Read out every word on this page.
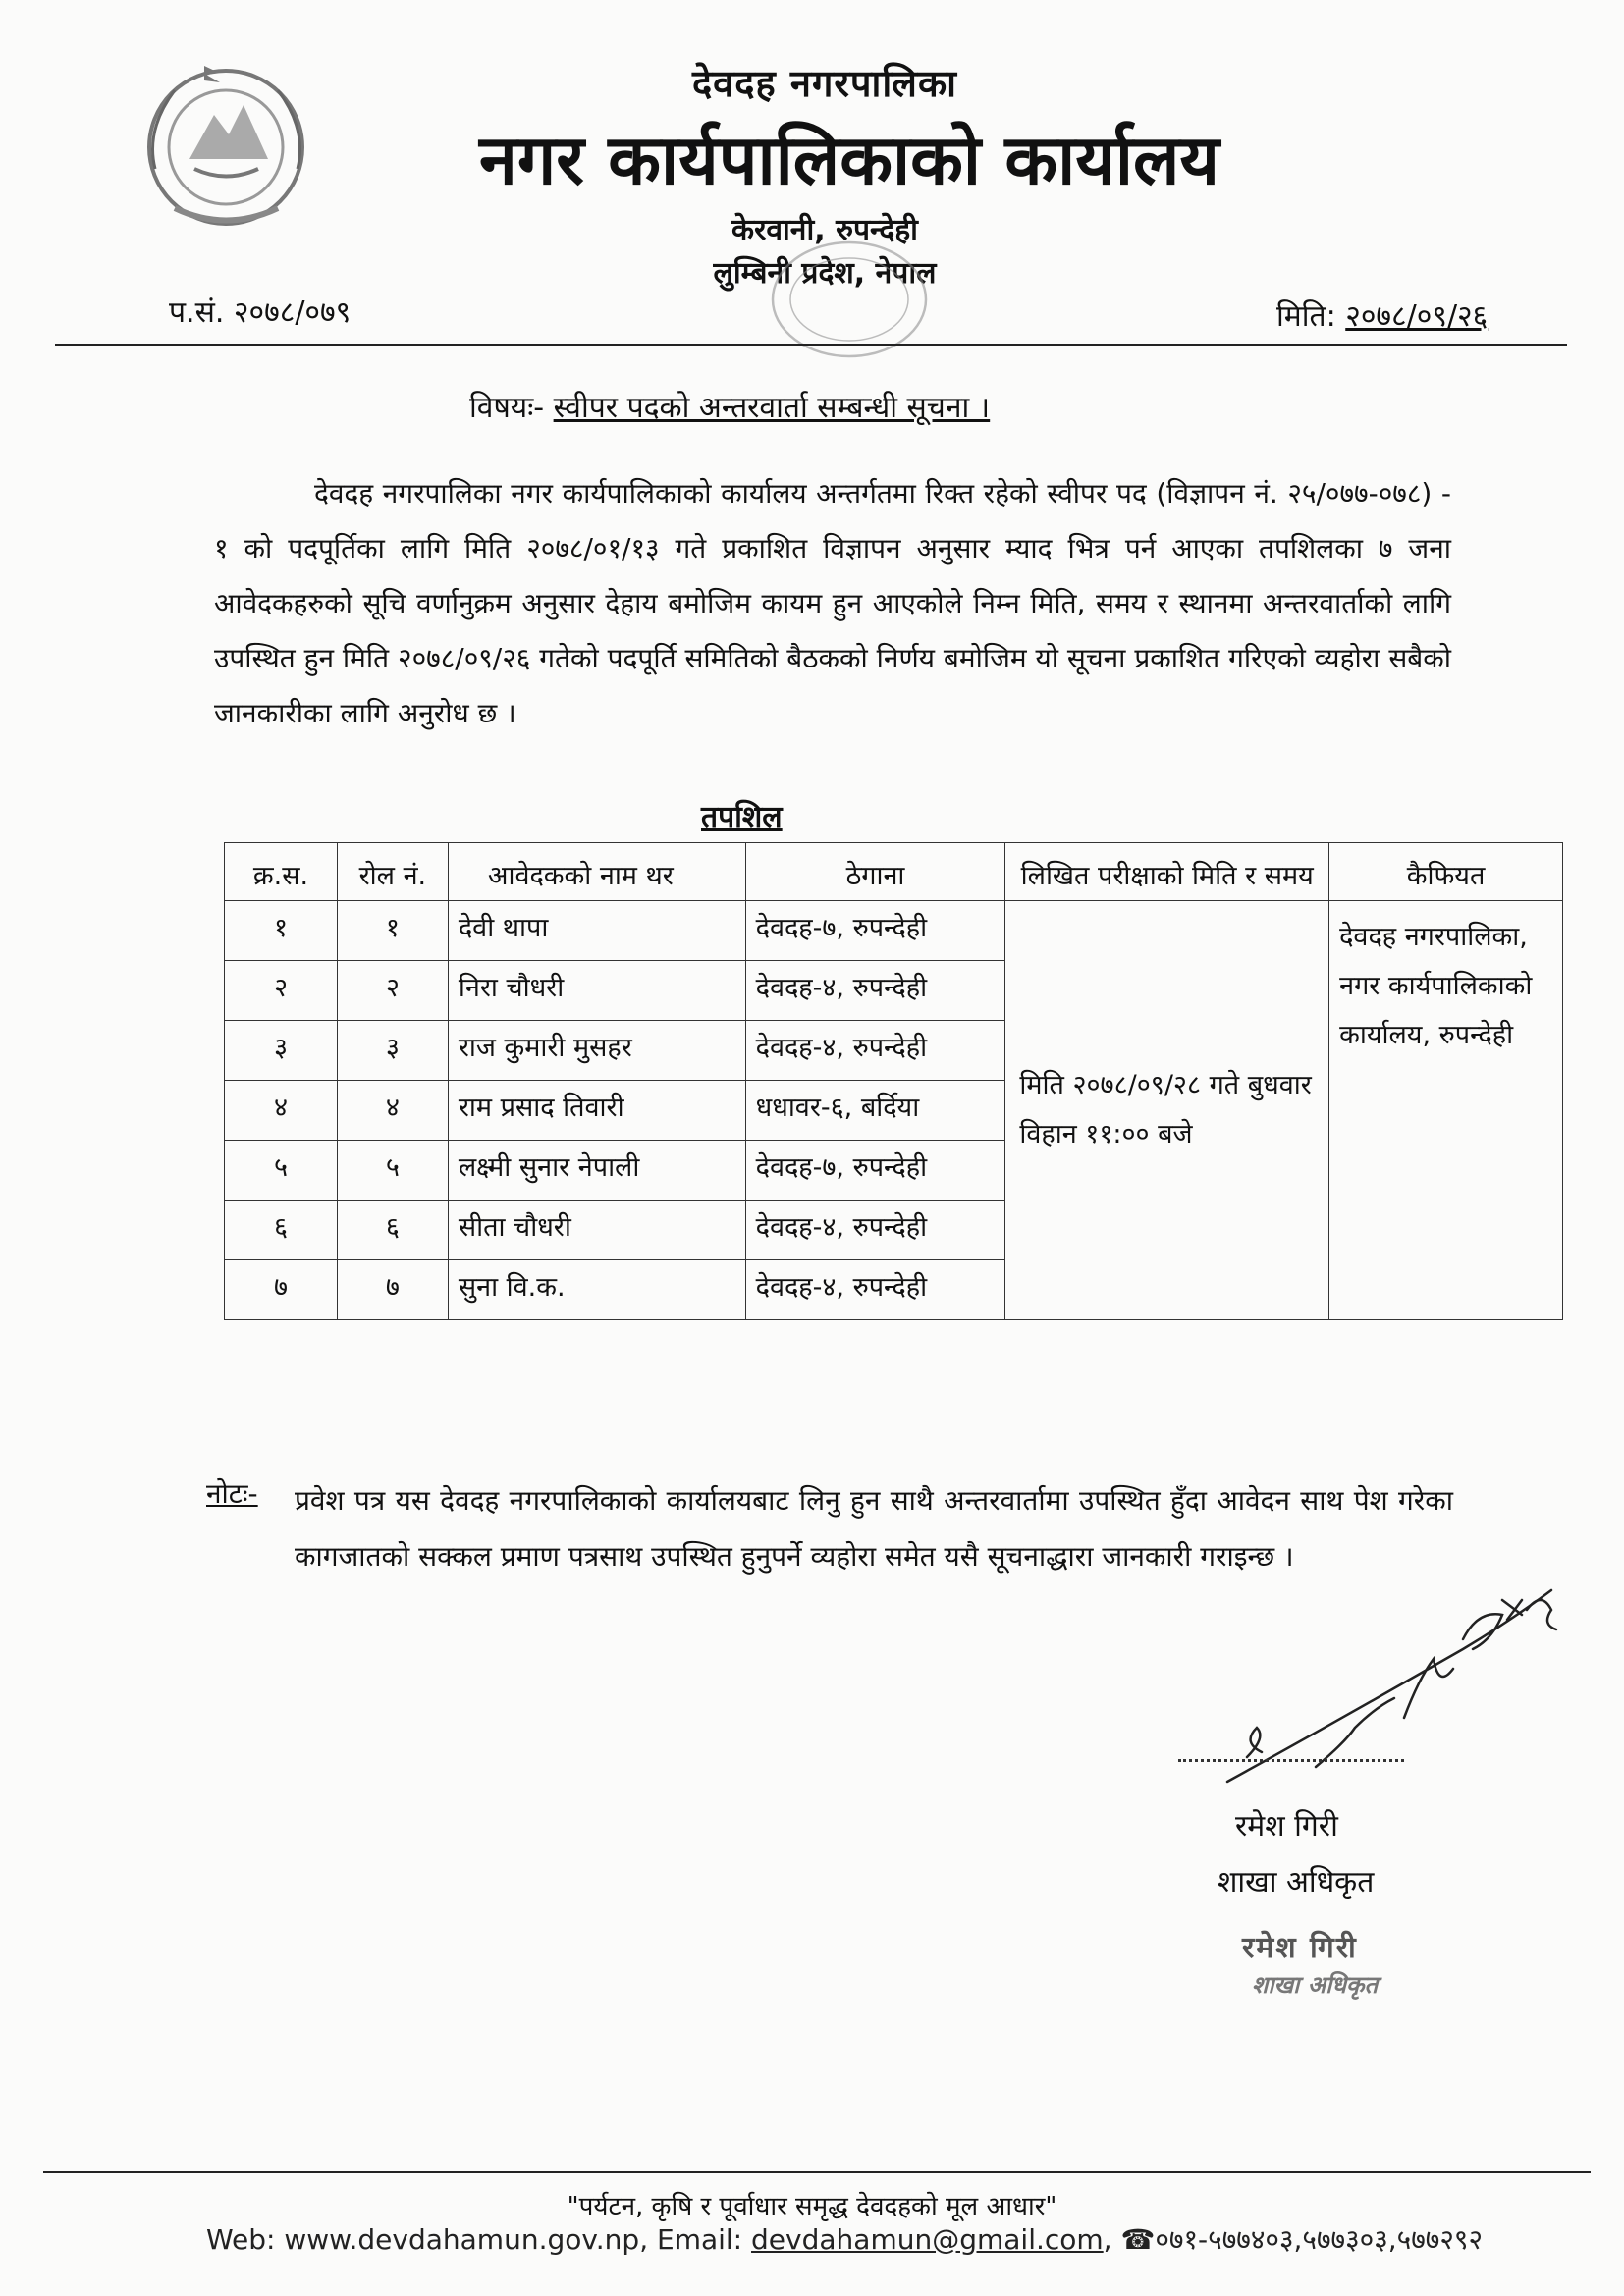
देवदह नगरपालिका
नगर कार्यपालिकाको कार्यालय
केरवानी, रुपन्देही
लुम्बिनी प्रदेश, नेपाल
प.सं. २०७८/०७९	मिति: २०७८/०९/२६
विषयः- स्वीपर पदको अन्तरवार्ता सम्बन्धी सूचना ।
देवदह नगरपालिका नगर कार्यपालिकाको कार्यालय अन्तर्गतमा रिक्त रहेको स्वीपर पद (विज्ञापन नं. २५/०७७-०७८) - १ को पदपूर्तिका लागि मिति २०७८/०१/१३ गते प्रकाशित विज्ञापन अनुसार म्याद भित्र पर्न आएका तपशिलका ७ जना आवेदकहरुको सूचि वर्णानुक्रम अनुसार देहाय बमोजिम कायम हुन आएकोले निम्न मिति, समय र स्थानमा अन्तरवार्ताको लागि उपस्थित हुन मिति २०७८/०९/२६ गतेको पदपूर्ति समितिको बैठकको निर्णय बमोजिम यो सूचना प्रकाशित गरिएको व्यहोरा सबैको जानकारीका लागि अनुरोध छ ।
तपशिल
क्र.स.	रोल नं.	आवेदकको नाम थर	ठेगाना	लिखित परीक्षाको मिति र समय	कैफियत
१	१	देवी थापा	देवदह-७, रुपन्देही	मिति २०७८/०९/२८ गते बुधवार विहान ११:०० बजे	देवदह नगरपालिका, नगर कार्यपालिकाको कार्यालय, रुपन्देही
२	२	निरा चौधरी	देवदह-४, रुपन्देही		
३	३	राज कुमारी मुसहर	देवदह-४, रुपन्देही		
४	४	राम प्रसाद तिवारी	धधावर-६, बर्दिया		
५	५	लक्ष्मी सुनार नेपाली	देवदह-७, रुपन्देही		
६	६	सीता चौधरी	देवदह-४, रुपन्देही		
७	७	सुना वि.क.	देवदह-४, रुपन्देही		
नोटः- प्रवेश पत्र यस देवदह नगरपालिकाको कार्यालयबाट लिनु हुन साथै अन्तरवार्तामा उपस्थित हुँदा आवेदन साथ पेश गरेका कागजातको सक्कल प्रमाण पत्रसाथ उपस्थित हुनुपर्ने व्यहोरा समेत यसै सूचनाद्धारा जानकारी गराइन्छ ।
रमेश गिरी
शाखा अधिकृत
रमेश गिरी
शाखा अधिकृत
"पर्यटन, कृषि र पूर्वाधार समृद्ध देवदहको मूल आधार"
Web: www.devdahamun.gov.np, Email: devdahamun@gmail.com, ☎०७१-५७७४०३,५७७३०३,५७७२९२
